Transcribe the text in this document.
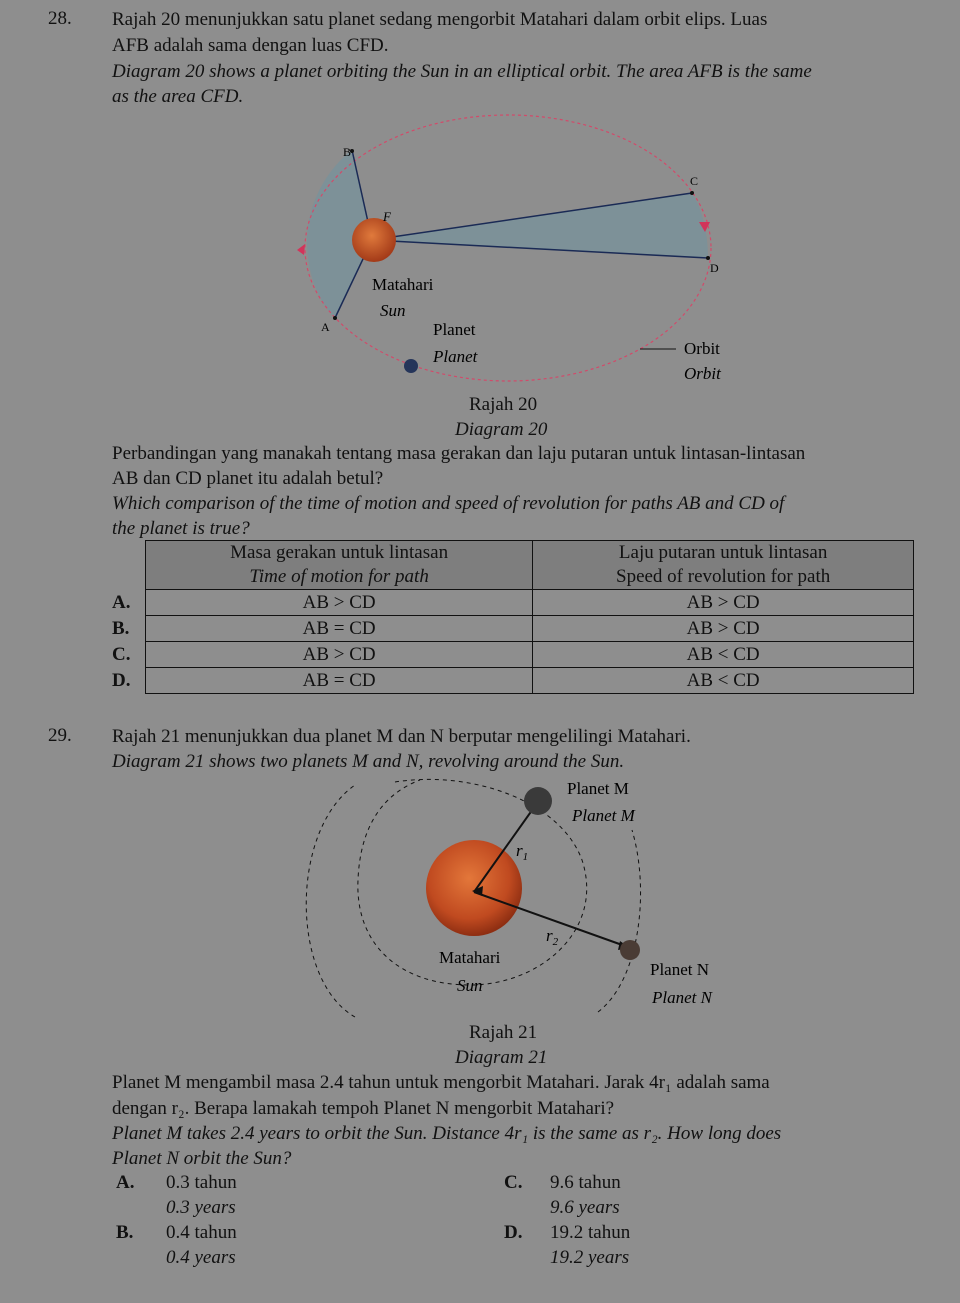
28. Rajah 20 menunjukkan satu planet sedang mengorbit Matahari dalam orbit elips. Luas
AFB adalah sama dengan luas CFD.
Diagram 20 shows a planet orbiting the Sun in an elliptical orbit. The area AFB is the same
as the area CFD.
B
C
F
D
A
Matahari
Sun
Planet
Planet	Orbit
Orbit
Rajah 20
Diagram 20
Perbandingan yang manakah tentang masa gerakan dan laju putaran untuk lintasan-lintasan
AB dan CD planet itu adalah betul?
Which comparison of the time of motion and speed of revolution for paths AB and CD of
the planet is true?
	Masa gerakan untuk lintasan	Laju putaran untuk lintasan
	Time of motion for path	Speed of revolution for path
A.	AB > CD	AB > CD
B.	AB = CD	AB > CD
C.	AB > CD	AB < CD
D.	AB = CD	AB < CD
29. Rajah 21 menunjukkan dua planet M dan N berputar mengelilingi Matahari.
Diagram 21 shows two planets M and N, revolving around the Sun.
Planet M
Planet M
$r_1$
$r_2$
Matahari
Sun
Planet N
Planet N
Rajah 21
Diagram 21
Planet M mengambil masa 2.4 tahun untuk mengorbit Matahari. Jarak 4r₁ adalah sama
dengan r₂. Berapa lamakah tempoh Planet N mengorbit Matahari?
Planet M takes 2.4 years to orbit the Sun. Distance 4r₁ is the same as r₂. How long does
Planet N orbit the Sun?
A. 0.3 tahun
0.3 years
B. 0.4 tahun
0.4 years
C. 9.6 tahun
9.6 years
D. 19.2 tahun
19.2 years
